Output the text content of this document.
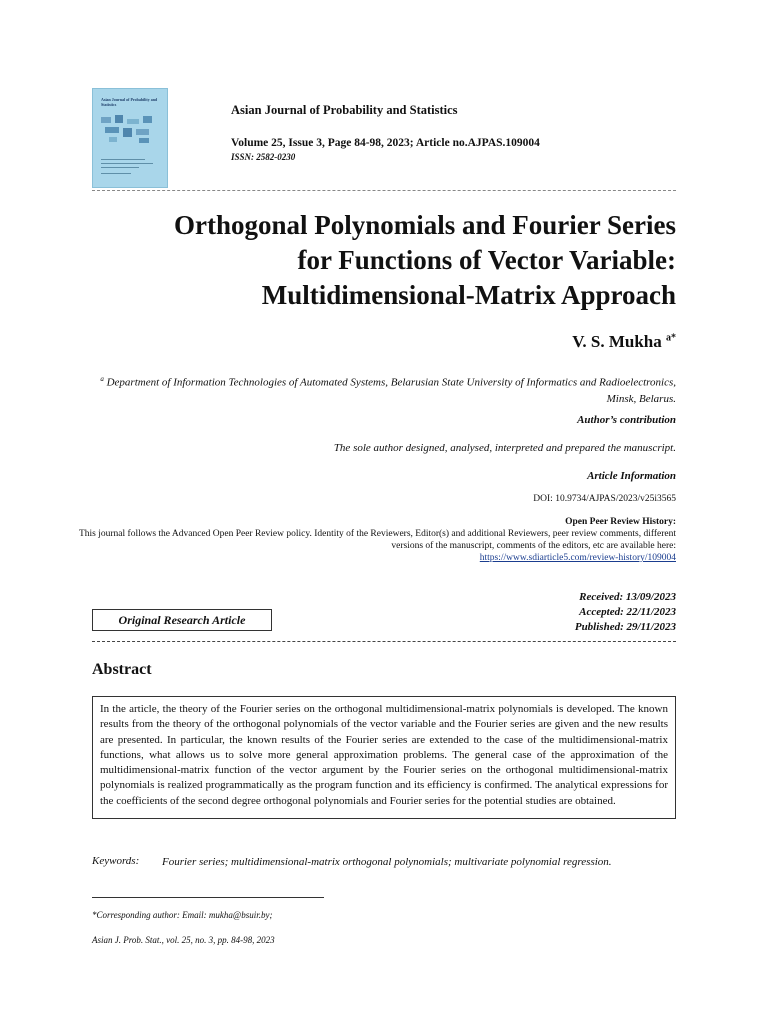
Asian Journal of Probability and Statistics	Asian Journal of Probability and Statistics
Volume 25, Issue 3, Page 84-98, 2023; Article no.AJPAS.109004
ISSN: 2582-0230
Orthogonal Polynomials and Fourier Series
for Functions of Vector Variable:
Multidimensional-Matrix Approach
V. S. Mukha $^{a*}$
$^a$ Department of Information Technologies of Automated Systems, Belarusian State University of Informatics and Radioelectronics, Minsk, Belarus.
Author’s contribution
The sole author designed, analysed, interpreted and prepared the manuscript.
Article Information
DOI: 10.9734/AJPAS/2023/v25i3565
Open Peer Review History:
This journal follows the Advanced Open Peer Review policy. Identity of the Reviewers, Editor(s) and additional Reviewers, peer review comments, different versions of the manuscript, comments of the editors, etc are available here:
https://www.sdiarticle5.com/review-history/109004
Received: 13/09/2023
Accepted: 22/11/2023
Published: 29/11/2023
Original Research Article
Abstract
In the article, the theory of the Fourier series on the orthogonal multidimensional-matrix polynomials is developed. The known results from the theory of the orthogonal polynomials of the vector variable and the Fourier series are given and the new results are presented. In particular, the known results of the Fourier series are extended to the case of the multidimensional-matrix functions, what allows us to solve more general approximation problems. The general case of the approximation of the multidimensional-matrix function of the vector argument by the Fourier series on the orthogonal multidimensional-matrix polynomials is realized programmatically as the program function and its efficiency is confirmed. The analytical expressions for the coefficients of the second degree orthogonal polynomials and Fourier series for the potential studies are obtained.
Keywords: Fourier series; multidimensional-matrix orthogonal polynomials; multivariate polynomial regression.
*Corresponding author: Email: mukha@bsuir.by;
Asian J. Prob. Stat., vol. 25, no. 3, pp. 84-98, 2023
